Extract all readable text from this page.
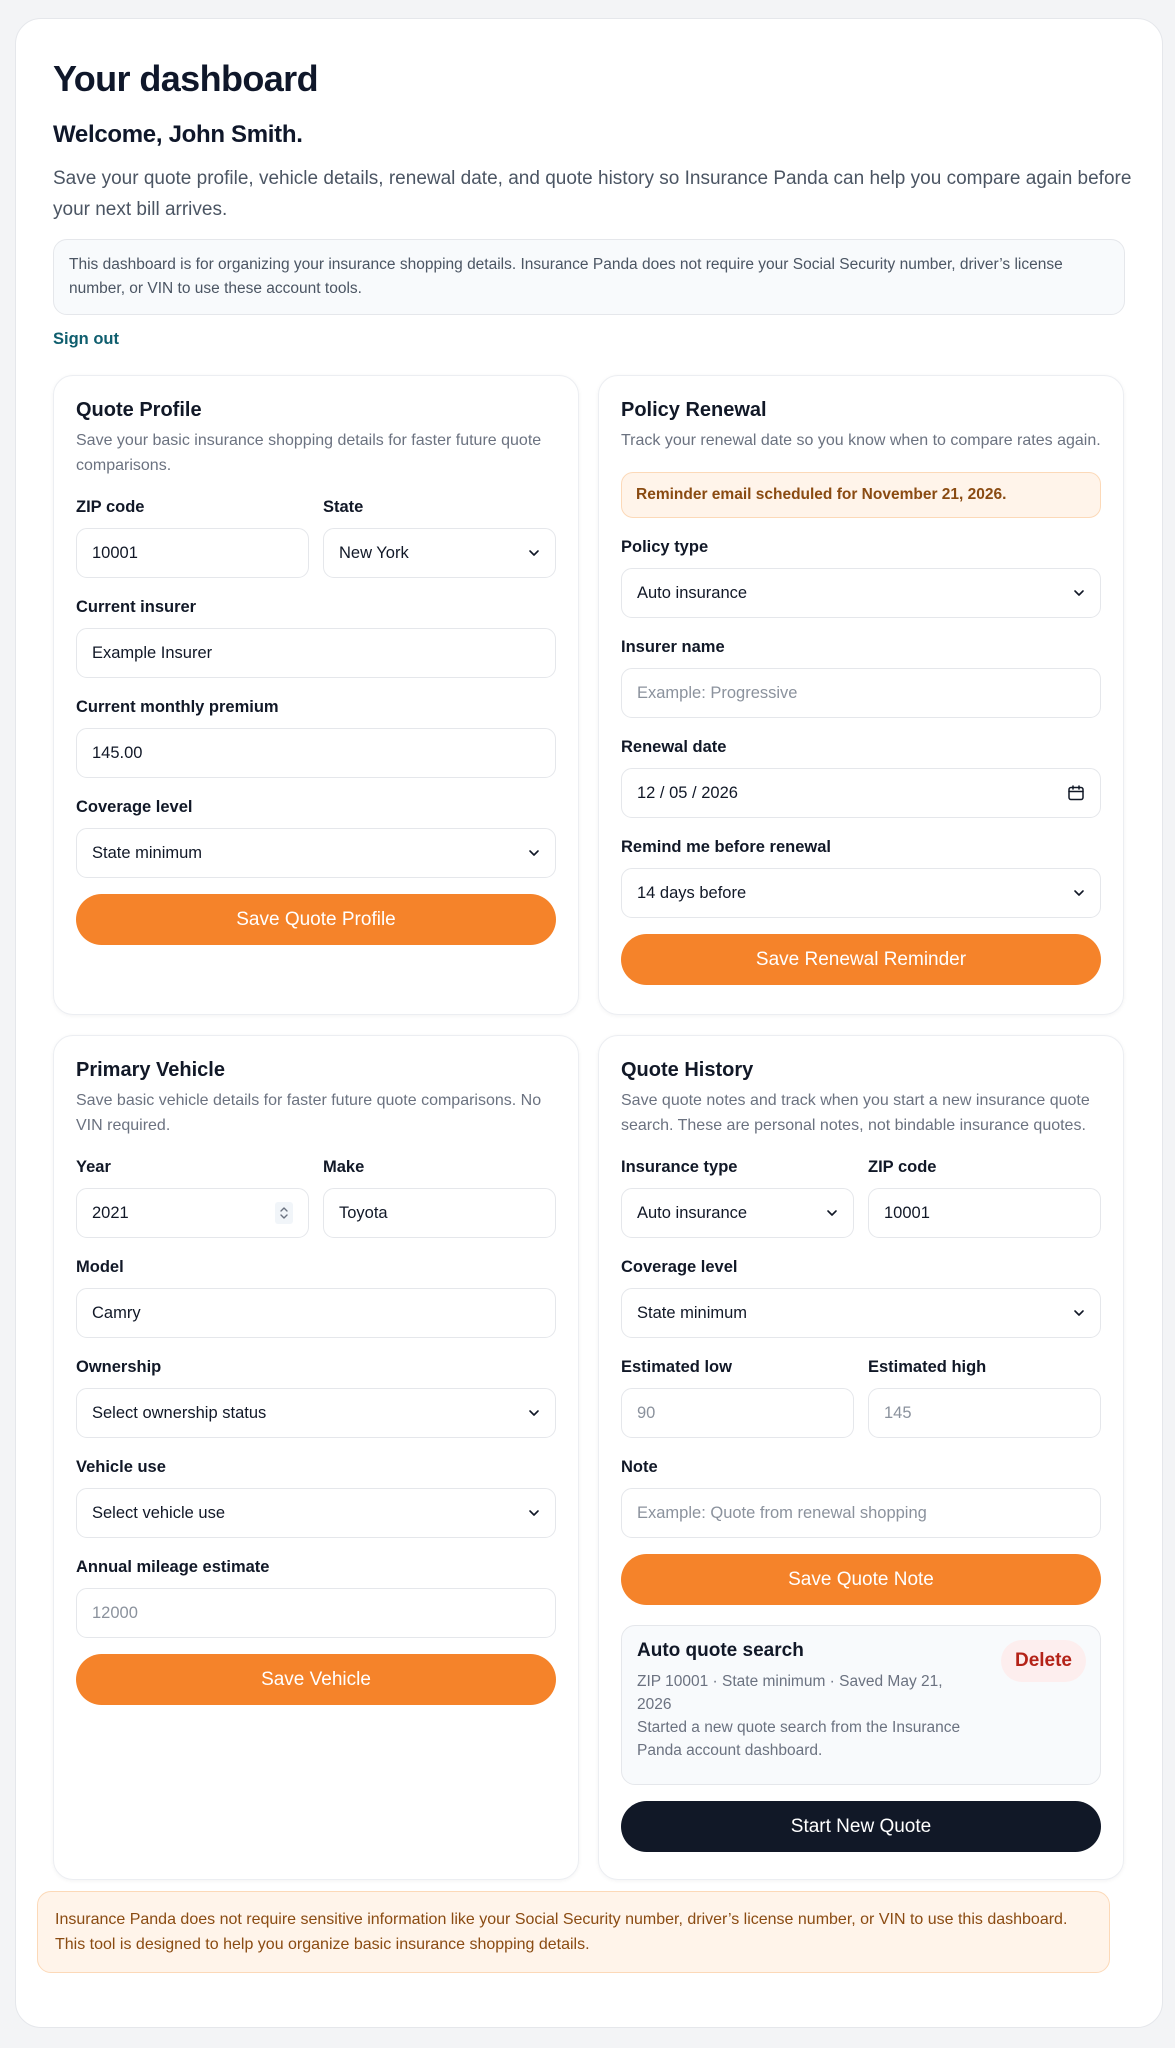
Your dashboard
Welcome, John Smith.

Save your quote profile, vehicle details, renewal date, and quote history so Insurance Panda can help you compare again before your next bill arrives.

This dashboard is for organizing your insurance shopping details. Insurance Panda does not require your Social Security number, driver’s license number, or VIN to use these account tools.
Sign out
Quote Profile

Save your basic insurance shopping details for faster future quote comparisons.

ZIP code
10001
State
New York
Current insurer
Example Insurer
Current monthly premium
145.00
Coverage level
State minimum
Save Quote Profile
Policy Renewal

Track your renewal date so you know when to compare rates again.

Reminder email scheduled for November 21, 2026.
Policy type
Auto insurance
Insurer name
Example: Progressive
Renewal date
12 / 05 / 2026
Remind me before renewal
14 days before
Save Renewal Reminder
Primary Vehicle

Save basic vehicle details for faster future quote comparisons. No VIN required.

Year
2021
Make
Toyota
Model
Camry
Ownership
Select ownership status
Vehicle use
Select vehicle use
Annual mileage estimate
12000
Save Vehicle
Quote History

Save quote notes and track when you start a new insurance quote search. These are personal notes, not bindable insurance quotes.

Insurance type
Auto insurance
ZIP code
10001
Coverage level
State minimum
Estimated low
90
Estimated high
145
Note
Example: Quote from renewal shopping
Save Quote Note
Auto quote search
ZIP 10001 · State minimum · Saved May 21, 2026
Started a new quote search from the Insurance Panda account dashboard.
Delete
Start New Quote
Insurance Panda does not require sensitive information like your Social Security number, driver’s license number, or VIN to use this dashboard. This tool is designed to help you organize basic insurance shopping details.
